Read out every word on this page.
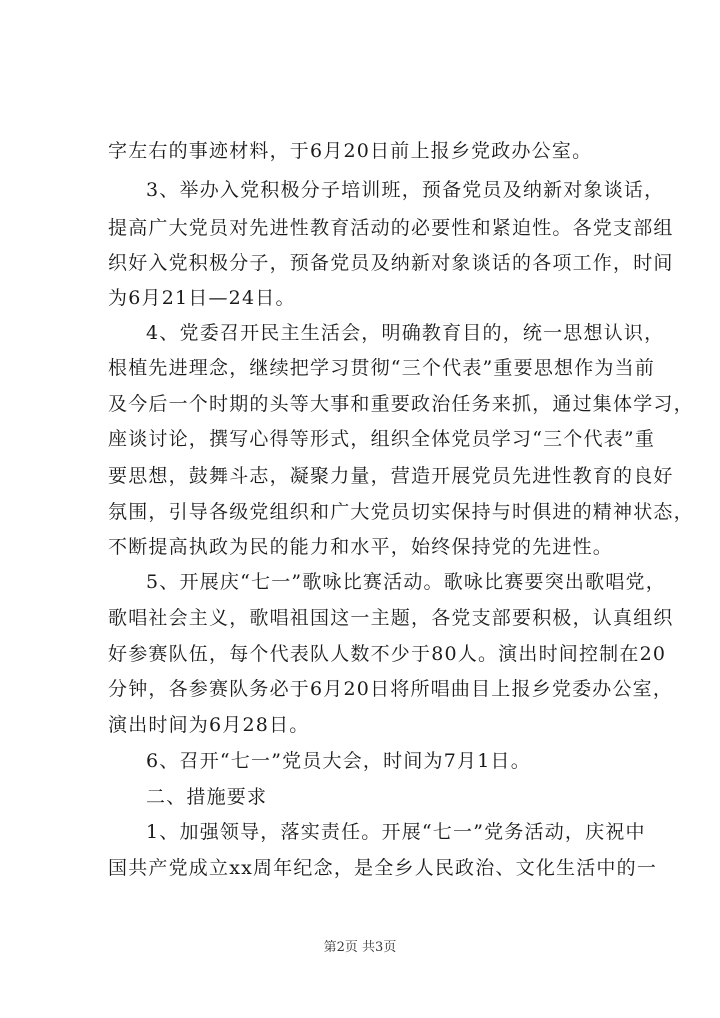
字左右的事迹材料，于6月20日前上报乡党政办公室。
3、举办入党积极分子培训班，预备党员及纳新对象谈话，
提高广大党员对先进性教育活动的必要性和紧迫性。各党支部组
织好入党积极分子，预备党员及纳新对象谈话的各项工作，时间
为6月21日—24日。
4、党委召开民主生活会，明确教育目的，统一思想认识，
根植先进理念，继续把学习贯彻“三个代表”重要思想作为当前
及今后一个时期的头等大事和重要政治任务来抓，通过集体学习，
座谈讨论，撰写心得等形式，组织全体党员学习“三个代表”重
要思想，鼓舞斗志，凝聚力量，营造开展党员先进性教育的良好
氛围，引导各级党组织和广大党员切实保持与时俱进的精神状态，
不断提高执政为民的能力和水平，始终保持党的先进性。
5、开展庆“七一”歌咏比赛活动。歌咏比赛要突出歌唱党，
歌唱社会主义，歌唱祖国这一主题，各党支部要积极，认真组织
好参赛队伍，每个代表队人数不少于80人。演出时间控制在20
分钟，各参赛队务必于6月20日将所唱曲目上报乡党委办公室，
演出时间为6月28日。
6、召开“七一”党员大会，时间为7月1日。
二、措施要求
1、加强领导，落实责任。开展“七一”党务活动，庆祝中
国共产党成立xx周年纪念，是全乡人民政治、文化生活中的一
第2页 共3页
